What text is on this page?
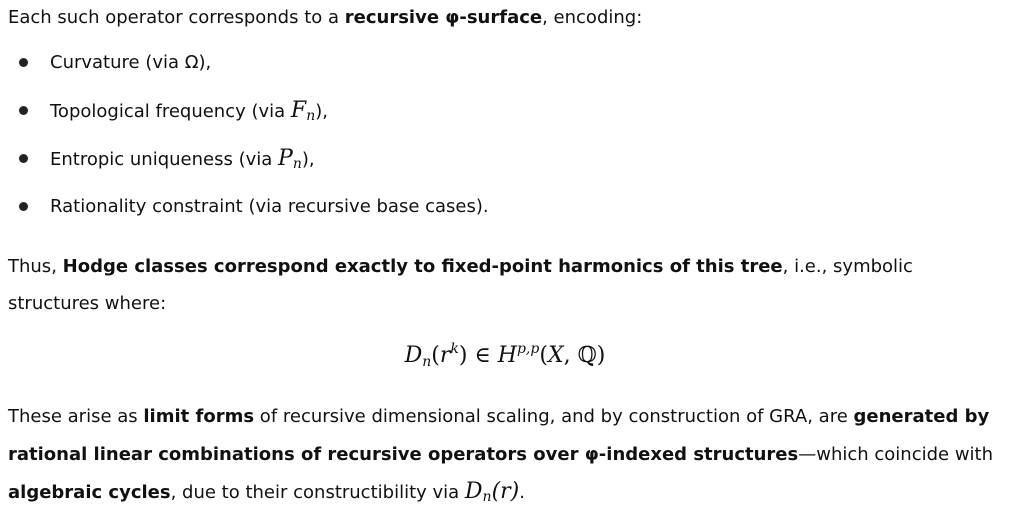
Each such operator corresponds to a recursive φ-surface, encoding:

Curvature (via Ω),
Topological frequency (via $F_n$),
Entropic uniqueness (via $P_n$),
Rationality constraint (via recursive base cases).

Thus, Hodge classes correspond exactly to fixed-point harmonics of this tree, i.e., symbolic structures where:

$D_n(r^k)$ ∈ H$^{p,p}$(X, ℚ)

These arise as limit forms of recursive dimensional scaling, and by construction of GRA, are generated by rational linear combinations of recursive operators over φ-indexed structures—which coincide with algebraic cycles, due to their constructibility via $D_n(r)$.
